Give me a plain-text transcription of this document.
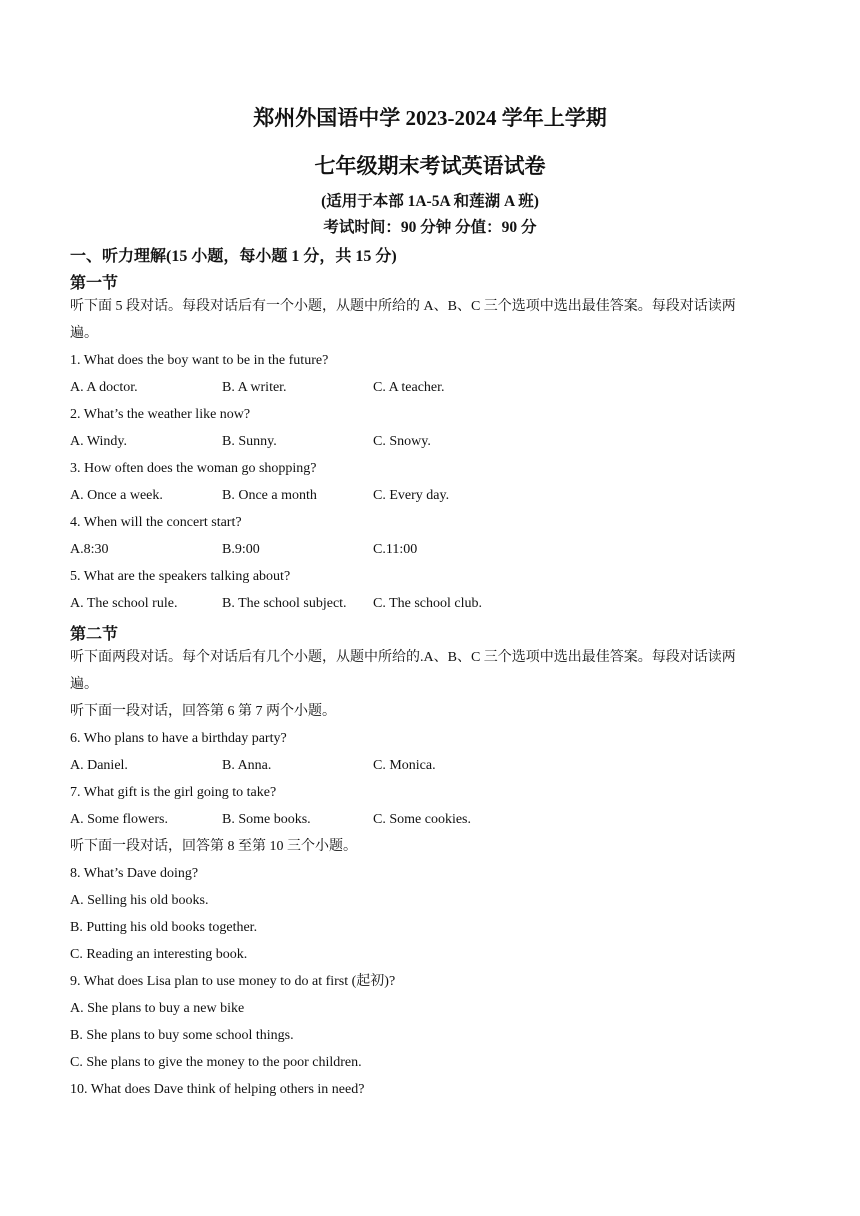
郑州外国语中学 2023-2024 学年上学期
七年级期末考试英语试卷
(适用于本部 1A-5A 和莲湖 A 班)
考试时间：90 分钟 分值：90 分
一、听力理解(15 小题，每小题 1 分，共 15 分)
第一节
听下面 5 段对话。每段对话后有一个小题，从题中所给的 A、B、C 三个选项中选出最佳答案。每段对话读两
遍。
1. What does the boy want to be in the future?
A. A doctor.	B. A writer.	C. A teacher.
2. What’s the weather like now?
A. Windy.	B. Sunny.	C. Snowy.
3. How often does the woman go shopping?
A. Once a week.	B. Once a month	C. Every day.
4. When will the concert start?
A.8:30	B.9:00	C.11:00
5. What are the speakers talking about?
A. The school rule.	B. The school subject. C. The school club.
第二节
听下面两段对话。每个对话后有几个小题，从题中所给的.A、B、C 三个选项中选出最佳答案。每段对话读两
遍。
听下面一段对话，回答第 6 第 7 两个小题。
6. Who plans to have a birthday party?
A. Daniel.	B. Anna.	C. Monica.
7. What gift is the girl going to take?
A. Some flowers.	B. Some books.	C. Some cookies.
听下面一段对话，回答第 8 至第 10 三个小题。
8. What’s Dave doing?
A. Selling his old books.
B. Putting his old books together.
C. Reading an interesting book.
9. What does Lisa plan to use money to do at first (起初)?
A. She plans to buy a new bike
B. She plans to buy some school things.
C. She plans to give the money to the poor children.
10. What does Dave think of helping others in need?
